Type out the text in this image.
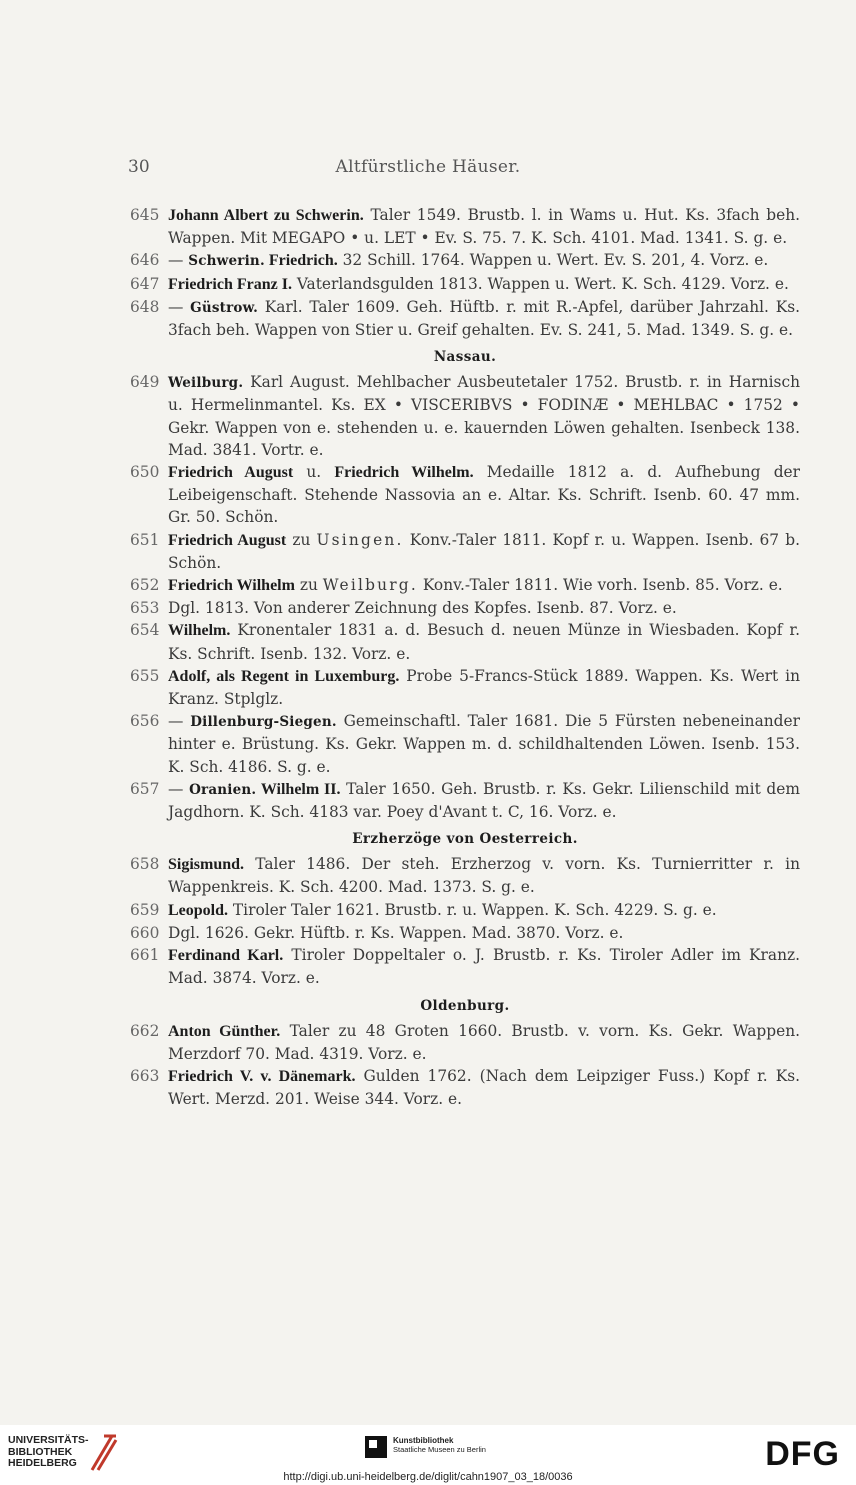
30	Altfürstliche Häuser.
645 Johann Albert zu Schwerin. Taler 1549. Brustb. l. in Wams u. Hut. Ks. 3fach beh. Wappen. Mit MEGAPO • u. LET • Ev. S. 75. 7. K. Sch. 4101. Mad. 1341. S. g. e.
646 — Schwerin. Friedrich. 32 Schill. 1764. Wappen u. Wert. Ev. S. 201, 4. Vorz. e.
647 Friedrich Franz I. Vaterlandsgulden 1813. Wappen u. Wert. K. Sch. 4129. Vorz. e.
648 — Güstrow. Karl. Taler 1609. Geh. Hüftb. r. mit R.-Apfel, darüber Jahrzahl. Ks. 3fach beh. Wappen von Stier u. Greif gehalten. Ev. S. 241, 5. Mad. 1349. S. g. e.
Nassau.
649 Weilburg. Karl August. Mehlbacher Ausbeutetaler 1752. Brustb. r. in Harnisch u. Hermelinmantel. Ks. EX • VISCERIBVS • FODINÆ • MEHLBAC • 1752 • Gekr. Wappen von e. stehenden u. e. kauernden Löwen gehalten. Isenbeck 138. Mad. 3841. Vortr. e.
650 Friedrich August u. Friedrich Wilhelm. Medaille 1812 a. d. Aufhebung der Leibeigenschaft. Stehende Nassovia an e. Altar. Ks. Schrift. Isenb. 60. 47 mm. Gr. 50. Schön.
651 Friedrich August zu Usingen. Konv.-Taler 1811. Kopf r. u. Wappen. Isenb. 67 b. Schön.
652 Friedrich Wilhelm zu Weilburg. Konv.-Taler 1811. Wie vorh. Isenb. 85. Vorz. e.
653 Dgl. 1813. Von anderer Zeichnung des Kopfes. Isenb. 87. Vorz. e.
654 Wilhelm. Kronentaler 1831 a. d. Besuch d. neuen Münze in Wiesbaden. Kopf r. Ks. Schrift. Isenb. 132. Vorz. e.
655 Adolf, als Regent in Luxemburg. Probe 5-Francs-Stück 1889. Wappen. Ks. Wert in Kranz. Stplglz.
656 — Dillenburg-Siegen. Gemeinschaftl. Taler 1681. Die 5 Fürsten nebeneinander hinter e. Brüstung. Ks. Gekr. Wappen m. d. schildhaltenden Löwen. Isenb. 153. K. Sch. 4186. S. g. e.
657 — Oranien. Wilhelm II. Taler 1650. Geh. Brustb. r. Ks. Gekr. Lilienschild mit dem Jagdhorn. K. Sch. 4183 var. Poey d'Avant t. C, 16. Vorz. e.
Erzherzöge von Oesterreich.
658 Sigismund. Taler 1486. Der steh. Erzherzog v. vorn. Ks. Turnierritter r. in Wappenkreis. K. Sch. 4200. Mad. 1373. S. g. e.
659 Leopold. Tiroler Taler 1621. Brustb. r. u. Wappen. K. Sch. 4229. S. g. e.
660 Dgl. 1626. Gekr. Hüftb. r. Ks. Wappen. Mad. 3870. Vorz. e.
661 Ferdinand Karl. Tiroler Doppeltaler o. J. Brustb. r. Ks. Tiroler Adler im Kranz. Mad. 3874. Vorz. e.
Oldenburg.
662 Anton Günther. Taler zu 48 Groten 1660. Brustb. v. vorn. Ks. Gekr. Wappen. Merzdorf 70. Mad. 4319. Vorz. e.
663 Friedrich V. v. Dänemark. Gulden 1762. (Nach dem Leipziger Fuss.) Kopf r. Ks. Wert. Merzd. 201. Weise 344. Vorz. e.
UNIVERSITÄTS-
BIBLIOTHEK
HEIDELBERG
Kunstbibliothek
Staatliche Museen zu Berlin	DFG
http://digi.ub.uni-heidelberg.de/diglit/cahn1907_03_18/0036
